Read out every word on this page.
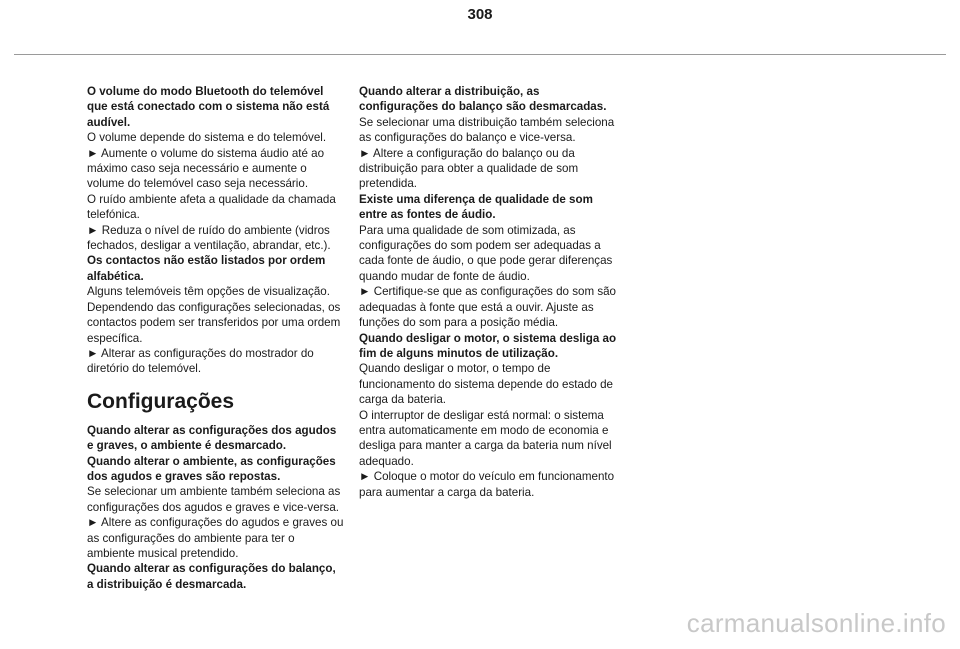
308

O volume do modo Bluetooth do telemóvel que está conectado com o sistema não está audível.

O volume depende do sistema e do telemóvel.

► Aumente o volume do sistema áudio até ao máximo caso seja necessário e aumente o volume do telemóvel caso seja necessário.

O ruído ambiente afeta a qualidade da chamada telefónica.

► Reduza o nível de ruído do ambiente (vidros fechados, desligar a ventilação, abrandar, etc.).

Os contactos não estão listados por ordem alfabética.

Alguns telemóveis têm opções de visualização. Dependendo das configurações selecionadas, os contactos podem ser transferidos por uma ordem específica.

► Alterar as configurações do mostrador do diretório do telemóvel.

Configurações

Quando alterar as configurações dos agudos e graves, o ambiente é desmarcado.

Quando alterar o ambiente, as configurações dos agudos e graves são repostas.

Se selecionar um ambiente também seleciona as configurações dos agudos e graves e vice-versa.

► Altere as configurações do agudos e graves ou as configurações do ambiente para ter o ambiente musical pretendido.

Quando alterar as configurações do balanço, a distribuição é desmarcada.

Quando alterar a distribuição, as configurações do balanço são desmarcadas.

Se selecionar uma distribuição também seleciona as configurações do balanço e vice-versa.

► Altere a configuração do balanço ou da distribuição para obter a qualidade de som pretendida.

Existe uma diferença de qualidade de som entre as fontes de áudio.

Para uma qualidade de som otimizada, as configurações do som podem ser adequadas a cada fonte de áudio, o que pode gerar diferenças quando mudar de fonte de áudio.

► Certifique-se que as configurações do som são adequadas à fonte que está a ouvir. Ajuste as funções do som para a posição média.

Quando desligar o motor, o sistema desliga ao fim de alguns minutos de utilização.

Quando desligar o motor, o tempo de funcionamento do sistema depende do estado de carga da bateria.

O interruptor de desligar está normal: o sistema entra automaticamente em modo de economia e desliga para manter a carga da bateria num nível adequado.

► Coloque o motor do veículo em funcionamento para aumentar a carga da bateria.

carmanualsonline.info
